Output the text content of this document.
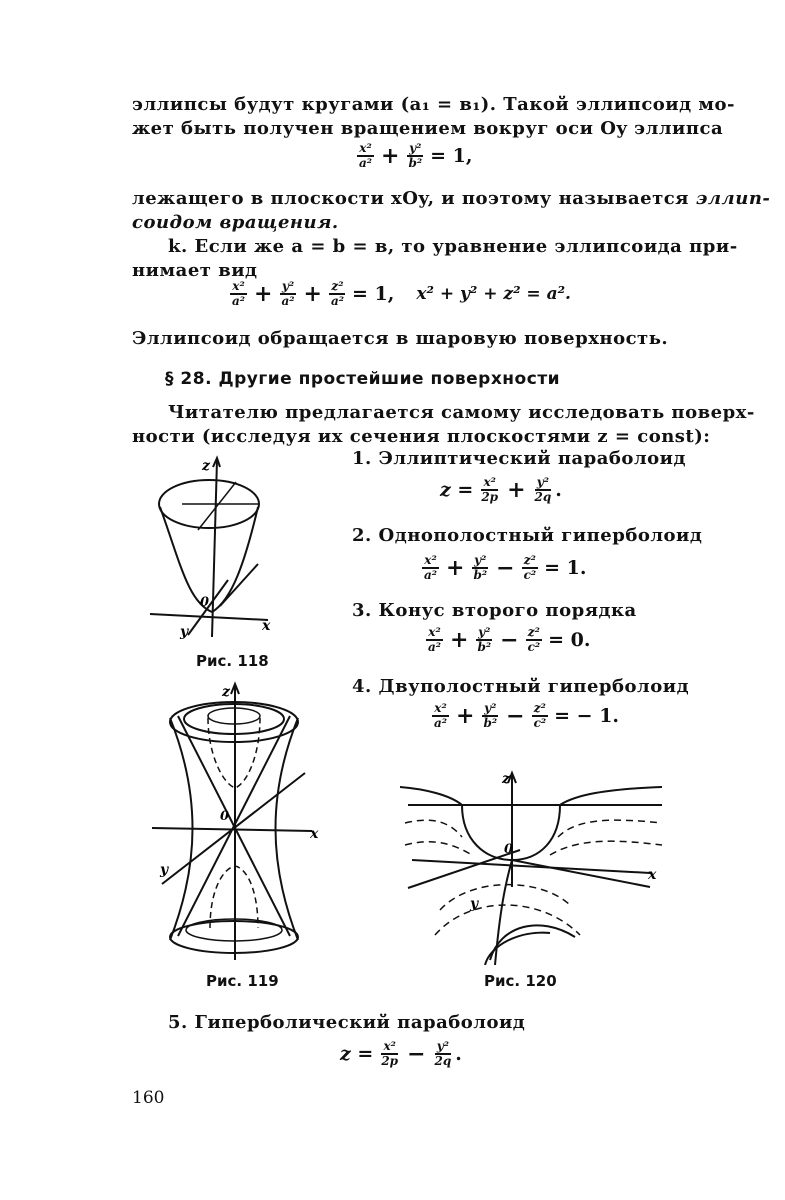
эллипсы будут кругами (a₁ = в₁). Такой эллипсоид мо-
жет быть получен вращением вокруг оси Oy эллипса
$\frac{\text{x²}}{\text{a²}} + \frac{\text{y²}}{\text{b²}} = 1$,
лежащего в плоскости xOy, и поэтому называется эллип-
соидом вращения.
k. Если же a = b = в, то уравнение эллипсоида при-
нимает вид
$\frac{\text{x²}}{\text{a²}} + \frac{\text{y²}}{\text{a²}} + \frac{\text{z²}}{\text{a²}} = 1$, x² + y² + z² = a².
Эллипсоид обращается в шаровую поверхность.
§ 28. Другие простейшие поверхности
Читателю предлагается самому исследовать поверх-
ности (исследуя их сечения плоскостями z = const):
1. Эллиптический параболоид
$z = \frac{\text{x²}}{2p} + \frac{\text{y²}}{2q}$ .
2. Однополостный гиперболоид
$\frac{\text{x²}}{\text{a²}} + \frac{\text{y²}}{\text{b²}} - \frac{\text{z²}}{\text{c²}} = 1$.
3. Конус второго порядка
$\frac{\text{x²}}{\text{a²}} + \frac{\text{y²}}{\text{b²}} - \frac{\text{z²}}{\text{c²}} = 0$.
4. Двуполостный гиперболоид
$\frac{\text{x²}}{\text{a²}} + \frac{\text{y²}}{\text{b²}} - \frac{\text{z²}}{\text{c²}}$ = − 1.
z
x
y
0
Рис. 118
z
x
y
0
Рис. 119
z
x
y
0
Рис. 120
5. Гиперболический параболоид
$z = \frac{\text{x²}}{2p} - \frac{\text{y²}}{2q}$ .
160
